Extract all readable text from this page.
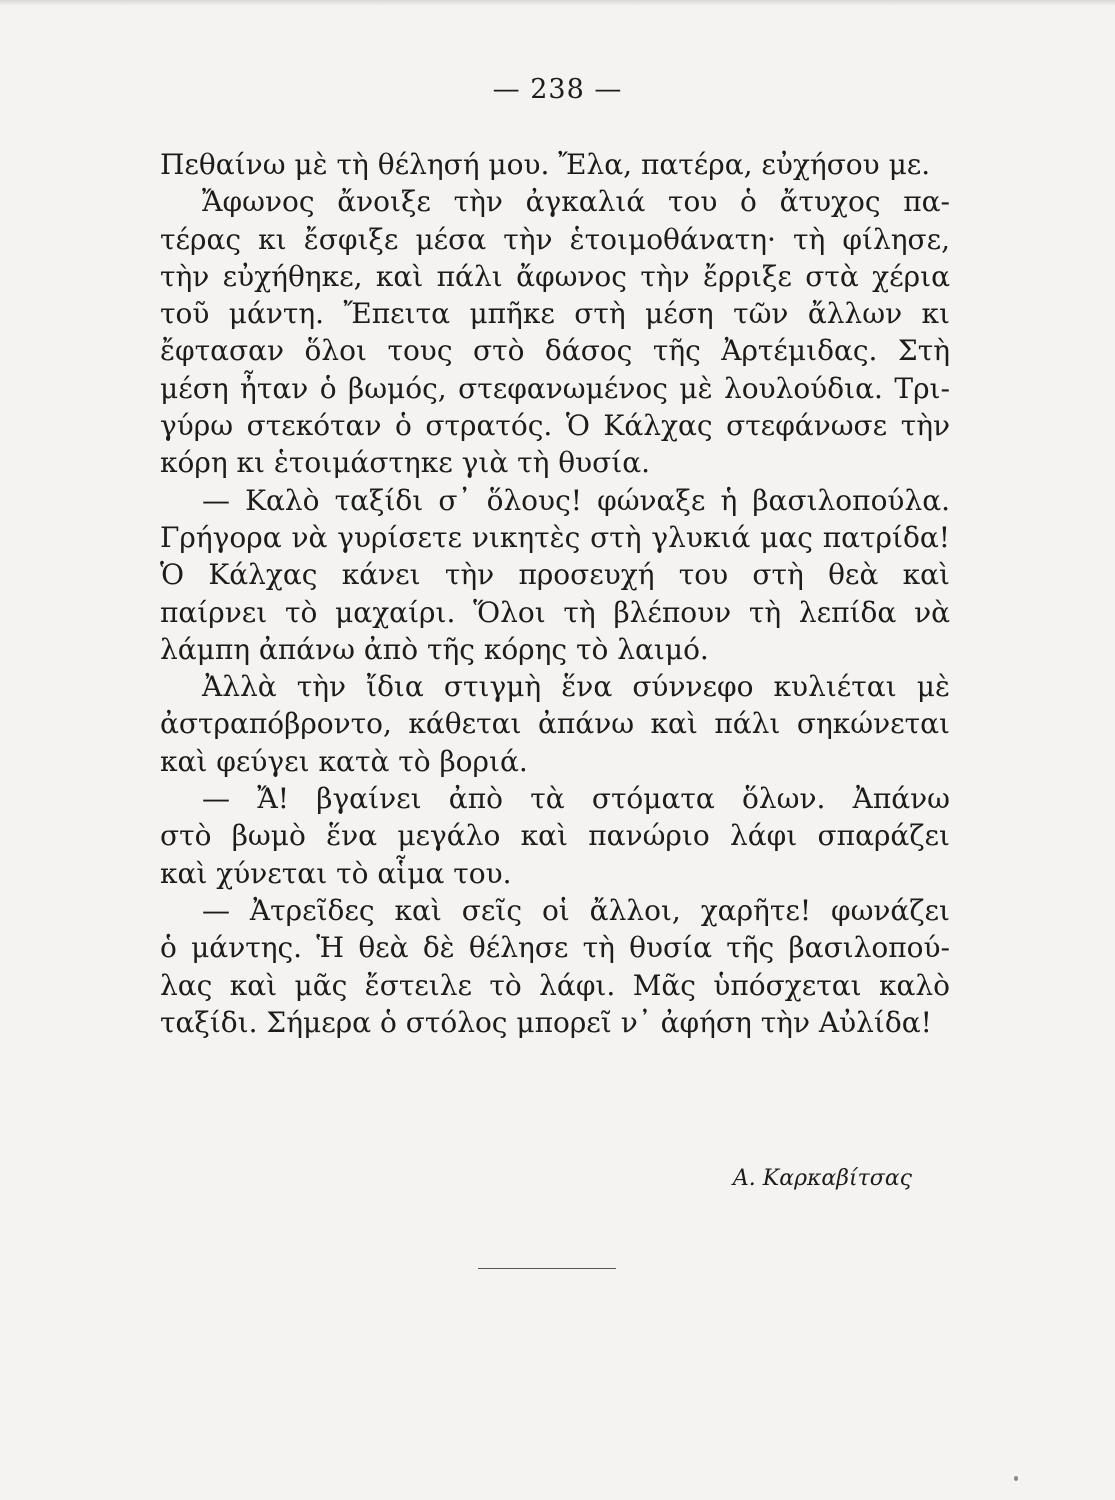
— 238 —

Πεθαίνω μὲ τὴ θέλησή μου. Ἔλα, πατέρα, εὐχήσου με.
Ἄφωνος ἄνοιξε τὴν ἀγκαλιά του ὁ ἄτυχος πα-
τέρας κι ἔσφιξε μέσα τὴν ἑτοιμοθάνατη· τὴ φίλησε,
τὴν εὐχήθηκε, καὶ πάλι ἄφωνος τὴν ἔρριξε στὰ χέρια
τοῦ μάντη. Ἔπειτα μπῆκε στὴ μέση τῶν ἄλλων κι
ἔφτασαν ὅλοι τους στὸ δάσος τῆς Ἀρτέμιδας. Στὴ
μέση ἦταν ὁ βωμός, στεφανωμένος μὲ λουλούδια. Τρι-
γύρω στεκόταν ὁ στρατός. Ὁ Κάλχας στεφάνωσε τὴν
κόρη κι ἑτοιμάστηκε γιὰ τὴ θυσία.
— Καλὸ ταξίδι σ᾽ ὅλους! φώναξε ἡ βασιλοπούλα.
Γρήγορα νὰ γυρίσετε νικητὲς στὴ γλυκιά μας πατρίδα!
Ὁ Κάλχας κάνει τὴν προσευχή του στὴ θεὰ καὶ
παίρνει τὸ μαχαίρι. Ὅλοι τὴ βλέπουν τὴ λεπίδα νὰ
λάμπη ἀπάνω ἀπὸ τῆς κόρης τὸ λαιμό.
Ἀλλὰ τὴν ἴδια στιγμὴ ἕνα σύννεφο κυλιέται μὲ
ἀστραπόβροντο, κάθεται ἀπάνω καὶ πάλι σηκώνεται
καὶ φεύγει κατὰ τὸ βοριά.
— Ἄ! βγαίνει ἀπὸ τὰ στόματα ὅλων. Ἀπάνω
στὸ βωμὸ ἕνα μεγάλο καὶ πανώριο λάφι σπαράζει
καὶ χύνεται τὸ αἷμα του.
— Ἀτρεῖδες καὶ σεῖς οἱ ἄλλοι, χαρῆτε! φωνάζει
ὁ μάντης. Ἡ θεὰ δὲ θέλησε τὴ θυσία τῆς βασιλοπού-
λας καὶ μᾶς ἔστειλε τὸ λάφι. Μᾶς ὑπόσχεται καλὸ
ταξίδι. Σήμερα ὁ στόλος μπορεῖ ν᾽ ἀφήση τὴν Αὐλίδα!

Α. Καρκαβίτσας
